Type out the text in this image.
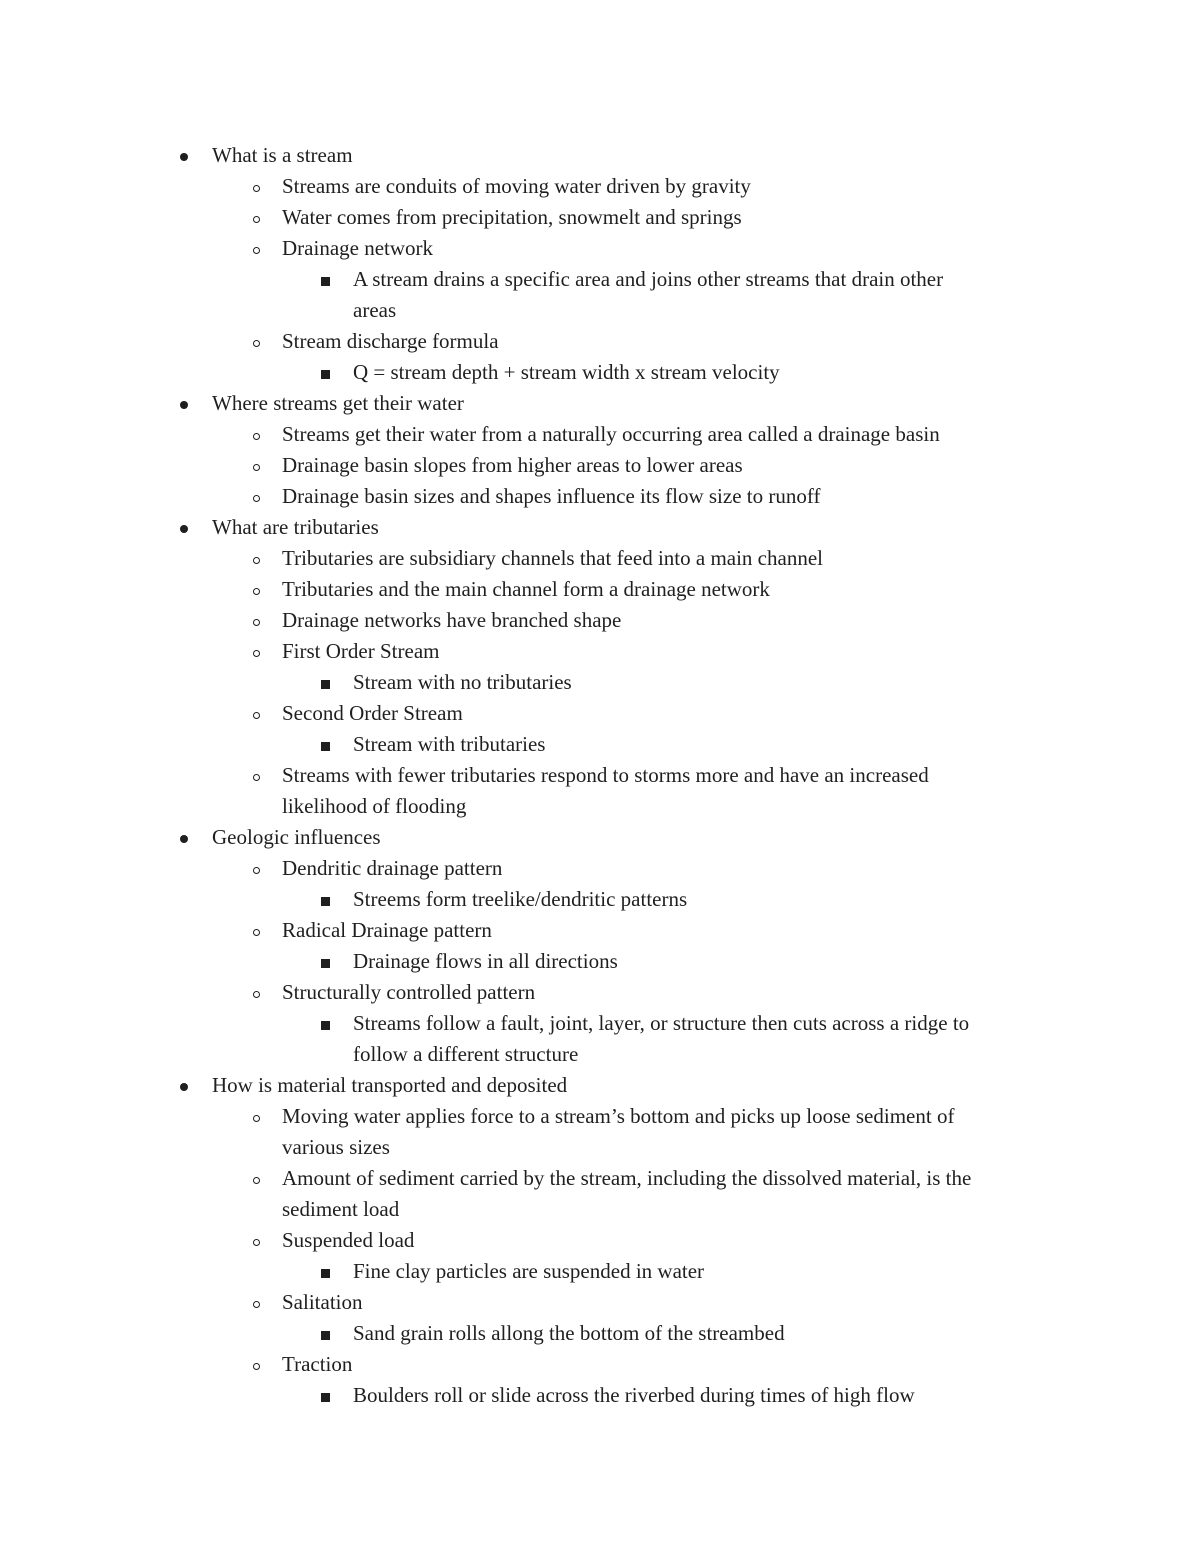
What is a stream
Streams are conduits of moving water driven by gravity
Water comes from precipitation, snowmelt and springs
Drainage network
A stream drains a specific area and joins other streams that drain other
areas
Stream discharge formula
Q = stream depth + stream width x stream velocity
Where streams get their water
Streams get their water from a naturally occurring area called a drainage basin
Drainage basin slopes from higher areas to lower areas
Drainage basin sizes and shapes influence its flow size to runoff
What are tributaries
Tributaries are subsidiary channels that feed into a main channel
Tributaries and the main channel form a drainage network
Drainage networks have branched shape
First Order Stream
Stream with no tributaries
Second Order Stream
Stream with tributaries
Streams with fewer tributaries respond to storms more and have an increased
likelihood of flooding
Geologic influences
Dendritic drainage pattern
Streems form treelike/dendritic patterns
Radical Drainage pattern
Drainage flows in all directions
Structurally controlled pattern
Streams follow a fault, joint, layer, or structure then cuts across a ridge to
follow a different structure
How is material transported and deposited
Moving water applies force to a stream’s bottom and picks up loose sediment of
various sizes
Amount of sediment carried by the stream, including the dissolved material, is the
sediment load
Suspended load
Fine clay particles are suspended in water
Salitation
Sand grain rolls allong the bottom of the streambed
Traction
Boulders roll or slide across the riverbed during times of high flow
